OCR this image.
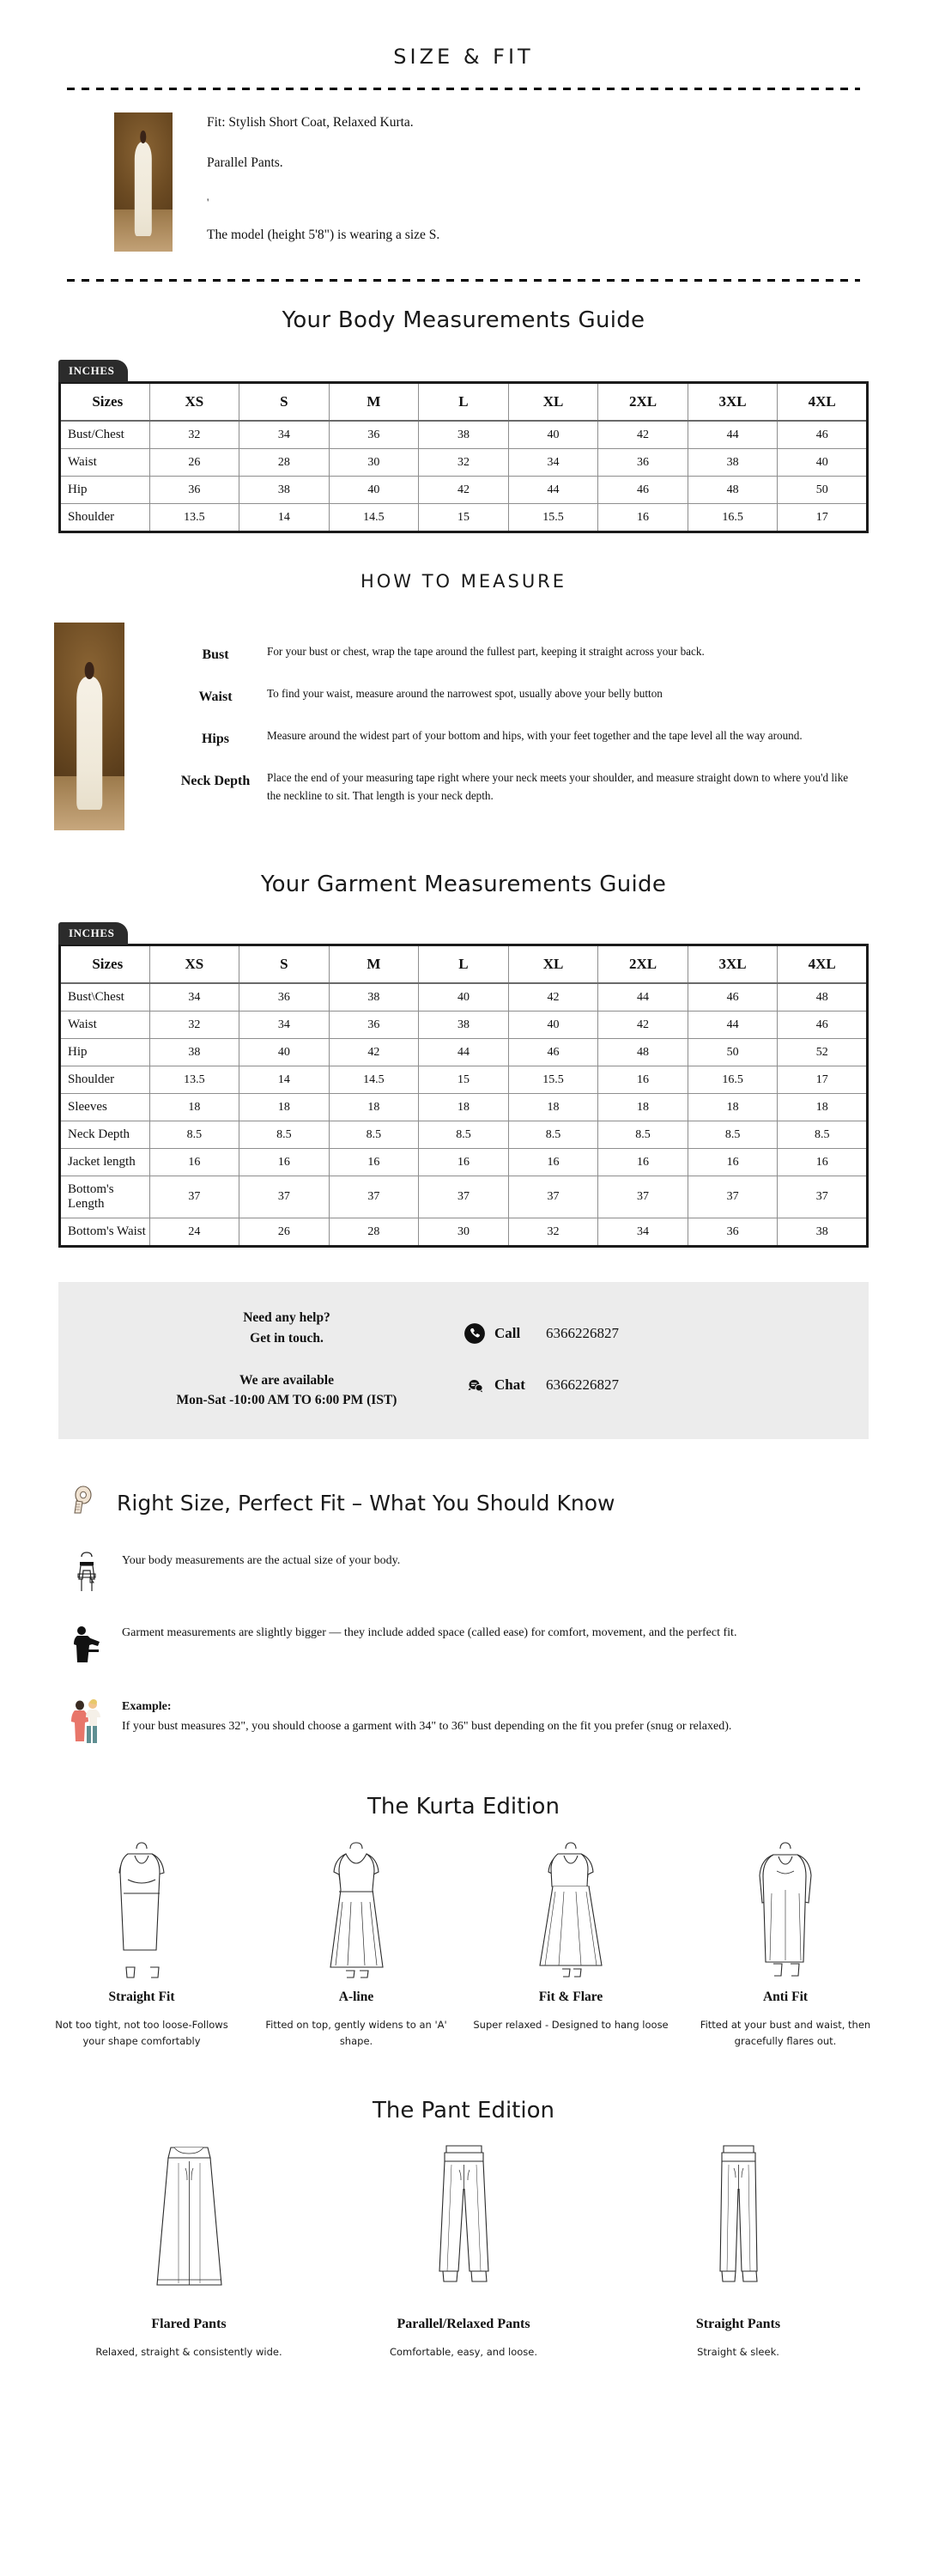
SIZE & FIT

Fit: Stylish Short Coat, Relaxed Kurta.

Parallel Pants.

'

The model (height 5'8") is wearing a size S.

Your Body Measurements Guide
INCHES
Sizes	XS	S	M	L	XL	2XL	3XL	4XL
Bust/Chest	32	34	36	38	40	42	44	46
Waist	26	28	30	32	34	36	38	40
Hip	36	38	40	42	44	46	48	50
Shoulder	13.5	14	14.5	15	15.5	16	16.5	17
HOW TO MEASURE
Bust	For your bust or chest, wrap the tape around the fullest part, keeping it straight across your back.
Waist	To find your waist, measure around the narrowest spot, usually above your belly button
Hips	Measure around the widest part of your bottom and hips, with your feet together and the tape level all the way around.
Neck Depth	Place the end of your measuring tape right where your neck meets your shoulder, and measure straight down to where you'd like the neckline to sit. That length is your neck depth.
Your Garment Measurements Guide
INCHES
Sizes	XS	S	M	L	XL	2XL	3XL	4XL
Bust\Chest	34	36	38	40	42	44	46	48
Waist	32	34	36	38	40	42	44	46
Hip	38	40	42	44	46	48	50	52
Shoulder	13.5	14	14.5	15	15.5	16	16.5	17
Sleeves	18	18	18	18	18	18	18	18
Neck Depth	8.5	8.5	8.5	8.5	8.5	8.5	8.5	8.5
Jacket length	16	16	16	16	16	16	16	16
Bottom's Length	37	37	37	37	37	37	37	37
Bottom's Waist	24	26	28	30	32	34	36	38
Need any help?
Get in touch.
We are available
Mon-Sat -10:00 AM TO 6:00 PM (IST)
Call	6366226827
Chat	6366226827
Right Size, Perfect Fit – What You Should Know
Your body measurements are the actual size of your body.
Garment measurements are slightly bigger — they include added space (called ease) for comfort, movement, and the perfect fit.
Example:
If your bust measures 32", you should choose a garment with 34" to 36" bust depending on the fit you prefer (snug or relaxed).
The Kurta Edition
Straight Fit
Not too tight, not too loose-Follows your shape comfortably
A-line
Fitted on top, gently widens to an 'A' shape.
Fit & Flare
Super relaxed - Designed to hang loose
Anti Fit
Fitted at your bust and waist, then gracefully flares out.
The Pant Edition
Flared Pants
Relaxed, straight & consistently wide.
Parallel/Relaxed Pants
Comfortable, easy, and loose.
Straight Pants
Straight & sleek.
